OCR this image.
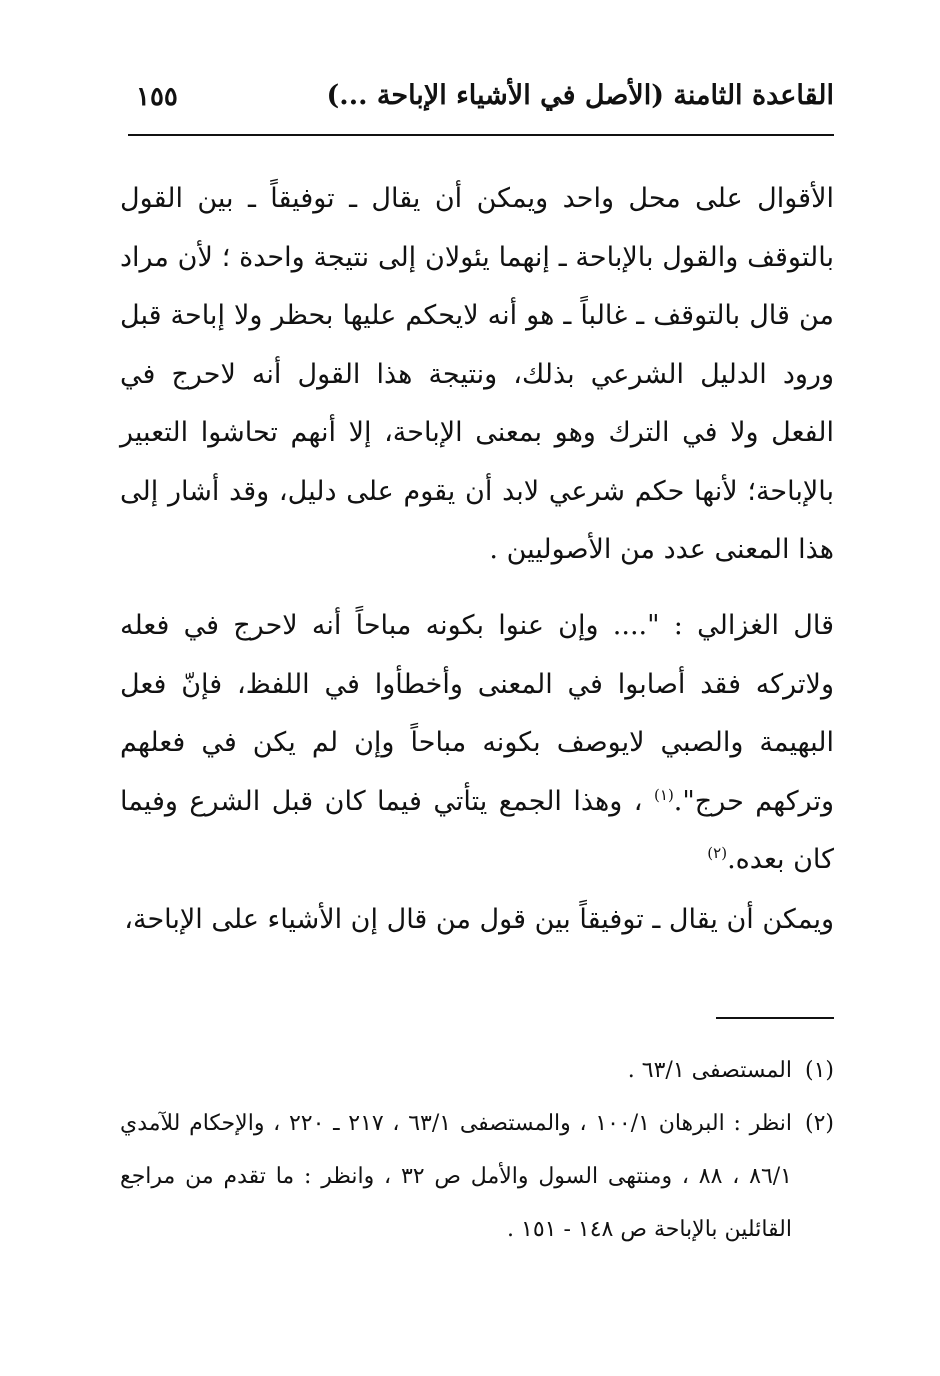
القاعدة الثامنة (الأصل في الأشياء الإباحة ...)
١٥٥

الأقوال على محل واحد ويمكن أن يقال ـ توفيقاً ـ بين القول بالتوقف والقول بالإباحة ـ إنهما يئولان إلى نتيجة واحدة ؛ لأن مراد من قال بالتوقف ـ غالباً ـ هو أنه لايحكم عليها بحظر ولا إباحة قبل ورود الدليل الشرعي بذلك، ونتيجة هذا القول أنه لاحرج في الفعل ولا في الترك وهو بمعنى الإباحة، إلا أنهم تحاشوا التعبير بالإباحة؛ لأنها حكم شرعي لابد أن يقوم على دليل، وقد أشار إلى هذا المعنى عدد من الأصوليين .

قال الغزالي : ".... وإن عنوا بكونه مباحاً أنه لاحرج في فعله ولاتركه فقد أصابوا في المعنى وأخطأوا في اللفظ، فإنّ فعل البهيمة والصبي لايوصف بكونه مباحاً وإن لم يكن في فعلهم وتركهم حرج".$^{(١)}$ ، وهذا الجمع يتأتي فيما كان قبل الشرع وفيما كان بعده.$^{(٢)}$

ويمكن أن يقال ـ توفيقاً بين قول من قال إن الأشياء على الإباحة،

(١)
المستصفى ٦٣/١ .
(٢)
انظر : البرهان ١٠٠/١ ، والمستصفى ٦٣/١ ، ٢١٧ ـ ٢٢٠ ، والإحكام للآمدي ٨٦/١ ، ٨٨ ، ومنتهى السول والأمل ص ٣٢ ، وانظر : ما تقدم من مراجع القائلين بالإباحة ص ١٤٨ - ١٥١ .
